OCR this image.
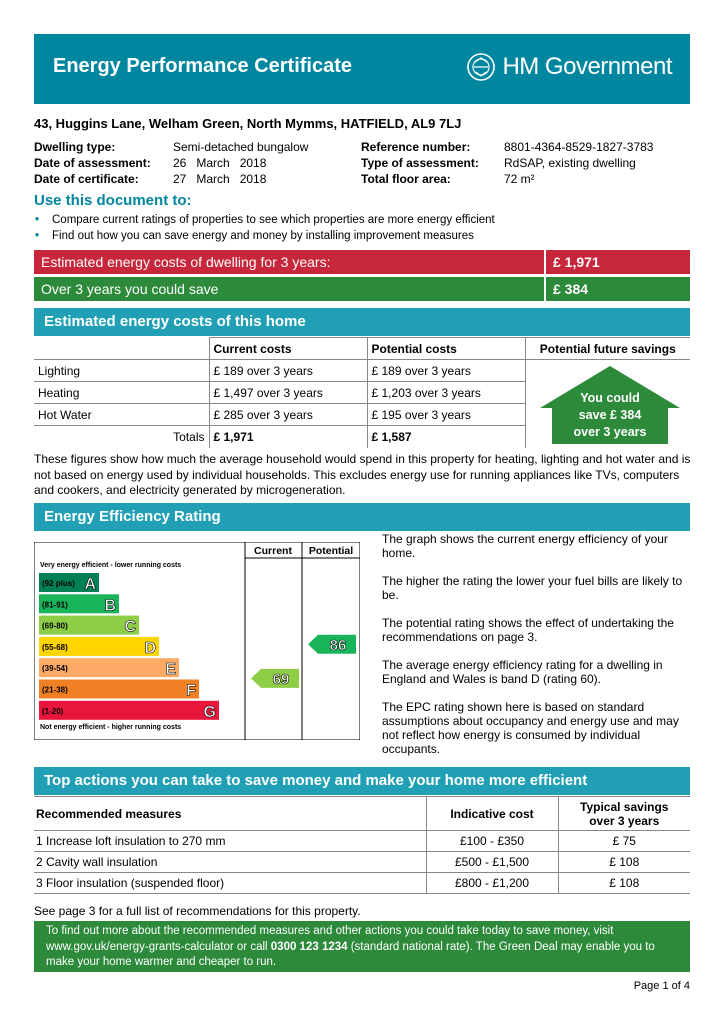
Energy Performance Certificate	HM Government
43, Huggins Lane, Welham Green, North Mymms, HATFIELD, AL9 7LJ
Dwelling type:	Semi-detached bungalow	Reference number:	8801-4364-8529-1827-3783
Date of assessment:	26   March   2018	Type of assessment:	RdSAP, existing dwelling
Date of certificate:	27   March   2018	Total floor area:	72 m²
Use this document to:
• Compare current ratings of properties to see which properties are more energy efficient
• Find out how you can save energy and money by installing improvement measures
Estimated energy costs of dwelling for 3 years:	£ 1,971
Over 3 years you could save	£ 384
Estimated energy costs of this home
	Current costs	Potential costs	Potential future savings
Lighting	£ 189 over 3 years	£ 189 over 3 years	
Heating	£ 1,497 over 3 years	£ 1,203 over 3 years	
Hot Water	£ 285 over 3 years	£ 195 over 3 years	
Totals	£ 1,971	£ 1,587	
You could
save £ 384
over 3 years
These figures show how much the average household would spend in this property for heating, lighting and hot water and is not based on energy used by individual households. This excludes energy use for running appliances like TVs, computers and cookers, and electricity generated by microgeneration.
Energy Efficiency Rating
Current Potential
Very energy efficient - lower running costs
Not energy efficient - higher running costs
(92 plus) A
(81-91) B
(69-80)	C
(55-68)	D
(39-54)	E
(21-38)	F
(1-20)	G
69
86

The graph shows the current energy efficiency of your home.

The higher the rating the lower your fuel bills are likely to be.

The potential rating shows the effect of undertaking the recommendations on page 3.

The average energy efficiency rating for a dwelling in England and Wales is band D (rating 60).

The EPC rating shown here is based on standard assumptions about occupancy and energy use and may not reflect how energy is consumed by individual occupants.

Top actions you can take to save money and make your home more efficient
Recommended measures	Indicative cost	Typical savings
over 3 years

1 Increase loft insulation to 270 mm	£100 - £350	£ 75
2 Cavity wall insulation	£500 - £1,500	£ 108
3 Floor insulation (suspended floor)	£800 - £1,200	£ 108
See page 3 for a full list of recommendations for this property.
To find out more about the recommended measures and other actions you could take today to save money, visit
www.gov.uk/energy-grants-calculator or call 0300 123 1234 (standard national rate). The Green Deal may enable you to
make your home warmer and cheaper to run.
Page 1 of 4
